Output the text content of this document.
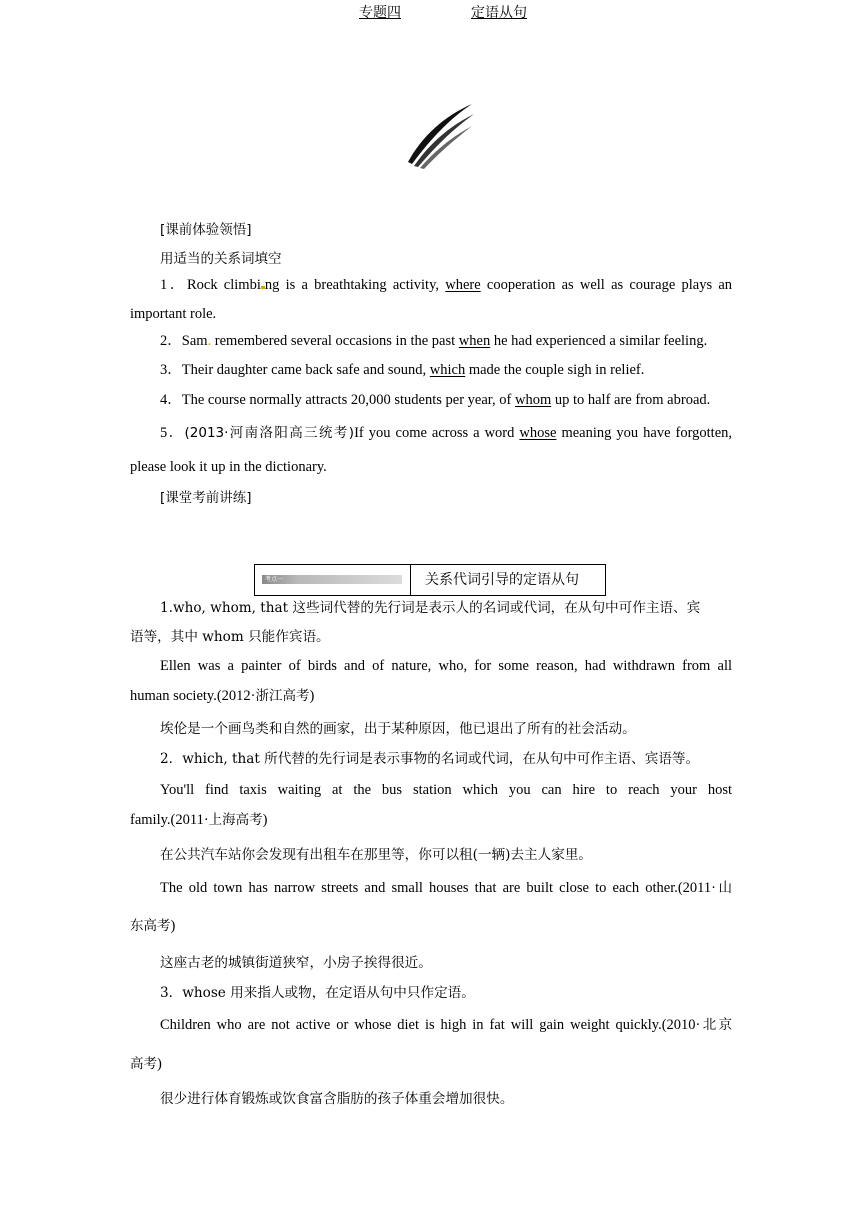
专题四	定语从句
[课前体验领悟]
用适当的关系词填空
1．Rock climbi ng is a breathtaking activity, where cooperation as well as courage plays an
important role.
2．Sam. remembered several occasions in the past when he had experienced a similar feeling.
3．Their daughter came back safe and sound, which made the couple sigh in relief.
4．The course normally attracts 20,000 students per year, of whom up to half are from abroad.
5．(2013·河南洛阳高三统考)If you come across a word whose meaning you have forgotten,
please look it up in the dictionary.
[课堂考前讲练]
考点一	关系代词引导的定语从句
1.who, whom, that 这些词代替的先行词是表示人的名词或代词，在从句中可作主语、宾
语等，其中 whom 只能作宾语。
Ellen was a painter of birds and of nature, who, for some reason, had withdrawn from all
human society.(2012·浙江高考)
埃伦是一个画鸟类和自然的画家，出于某种原因，他已退出了所有的社会活动。
2．which, that 所代替的先行词是表示事物的名词或代词，在从句中可作主语、宾语等。
You'll find taxis waiting at the bus station which you can hire to reach your host
family.(2011·上海高考)
在公共汽车站你会发现有出租车在那里等，你可以租(一辆)去主人家里。
The old town has narrow streets and small houses that are built close to each other.(2011·山
东高考)
这座古老的城镇街道狭窄，小房子挨得很近。
3．whose 用来指人或物，在定语从句中只作定语。
Children who are not active or whose diet is high in fat will gain weight quickly.(2010·北京
高考)
很少进行体育锻炼或饮食富含脂肪的孩子体重会增加很快。
